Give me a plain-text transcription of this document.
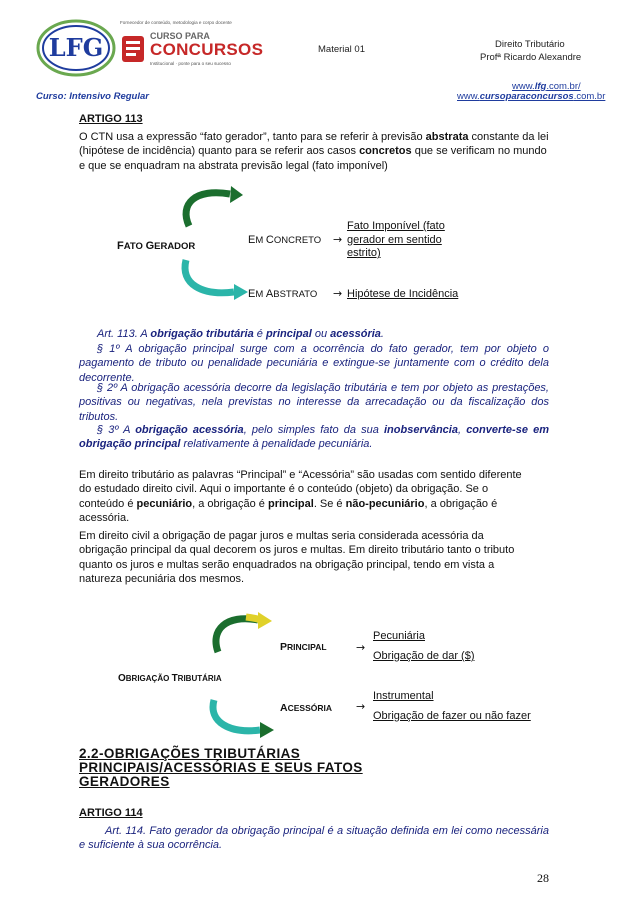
LFG
Fornecedor de conteúdo, metodologia e corpo docente
CURSO PARA
CONCURSOS
Institucional · ponte para o seu sucesso
Material 01	Direito Tributário
Profª Ricardo Alexandre
www.lfg.com.br/
Curso: Intensivo Regular	www.cursoparaconcursos.com.br
ARTIGO 113

O CTN usa a expressão “fato gerador”, tanto para se referir à previsão abstrata constante da lei (hipótese de incidência) quanto para se referir aos casos concretos que se verificam no mundo e que se enquadram na abstrata previsão legal (fato imponível)

FATO GERADOR
EM CONCRETO →
Fato Imponível (fato
gerador em sentido
estrito)
EM ABSTRATO → Hipótese de Incidência

Art. 113. A obrigação tributária é principal ou acessória.

§ 1º A obrigação principal surge com a ocorrência do fato gerador, tem por objeto o pagamento de tributo ou penalidade pecuniária e extingue-se juntamente com o crédito dela decorrente.

§ 2º A obrigação acessória decorre da legislação tributária e tem por objeto as prestações, positivas ou negativas, nela previstas no interesse da arrecadação ou da fiscalização dos tributos.

§ 3º A obrigação acessória, pelo simples fato da sua inobservância, converte-se em obrigação principal relativamente à penalidade pecuniária.

Em direito tributário as palavras “Principal” e “Acessória” são usadas com sentido diferente do estudado direito civil. Aqui o importante é o conteúdo (objeto) da obrigação. Se o conteúdo é pecuniário, a obrigação é principal. Se é não-pecuniário, a obrigação é acessória.

Em direito civil a obrigação de pagar juros e multas seria considerada acessória da obrigação principal da qual decorem os juros e multas. Em direito tributário tanto o tributo quanto os juros e multas serão enquadrados na obrigação principal, tendo em vista a natureza pecuniária dos mesmos.

PRINCIPAL	→
Pecuniária
Obrigação de dar ($)
OBRIGAÇÃO TRIBUTÁRIA
ACESSÓRIA →
Instrumental
Obrigação de fazer ou não fazer
2.2-OBRIGAÇÕES TRIBUTÁRIAS
PRINCIPAIS/ACESSÓRIAS E SEUS FATOS
GERADORES
ARTIGO 114

Art. 114. Fato gerador da obrigação principal é a situação definida em lei como necessária e suficiente à sua ocorrência.

28
